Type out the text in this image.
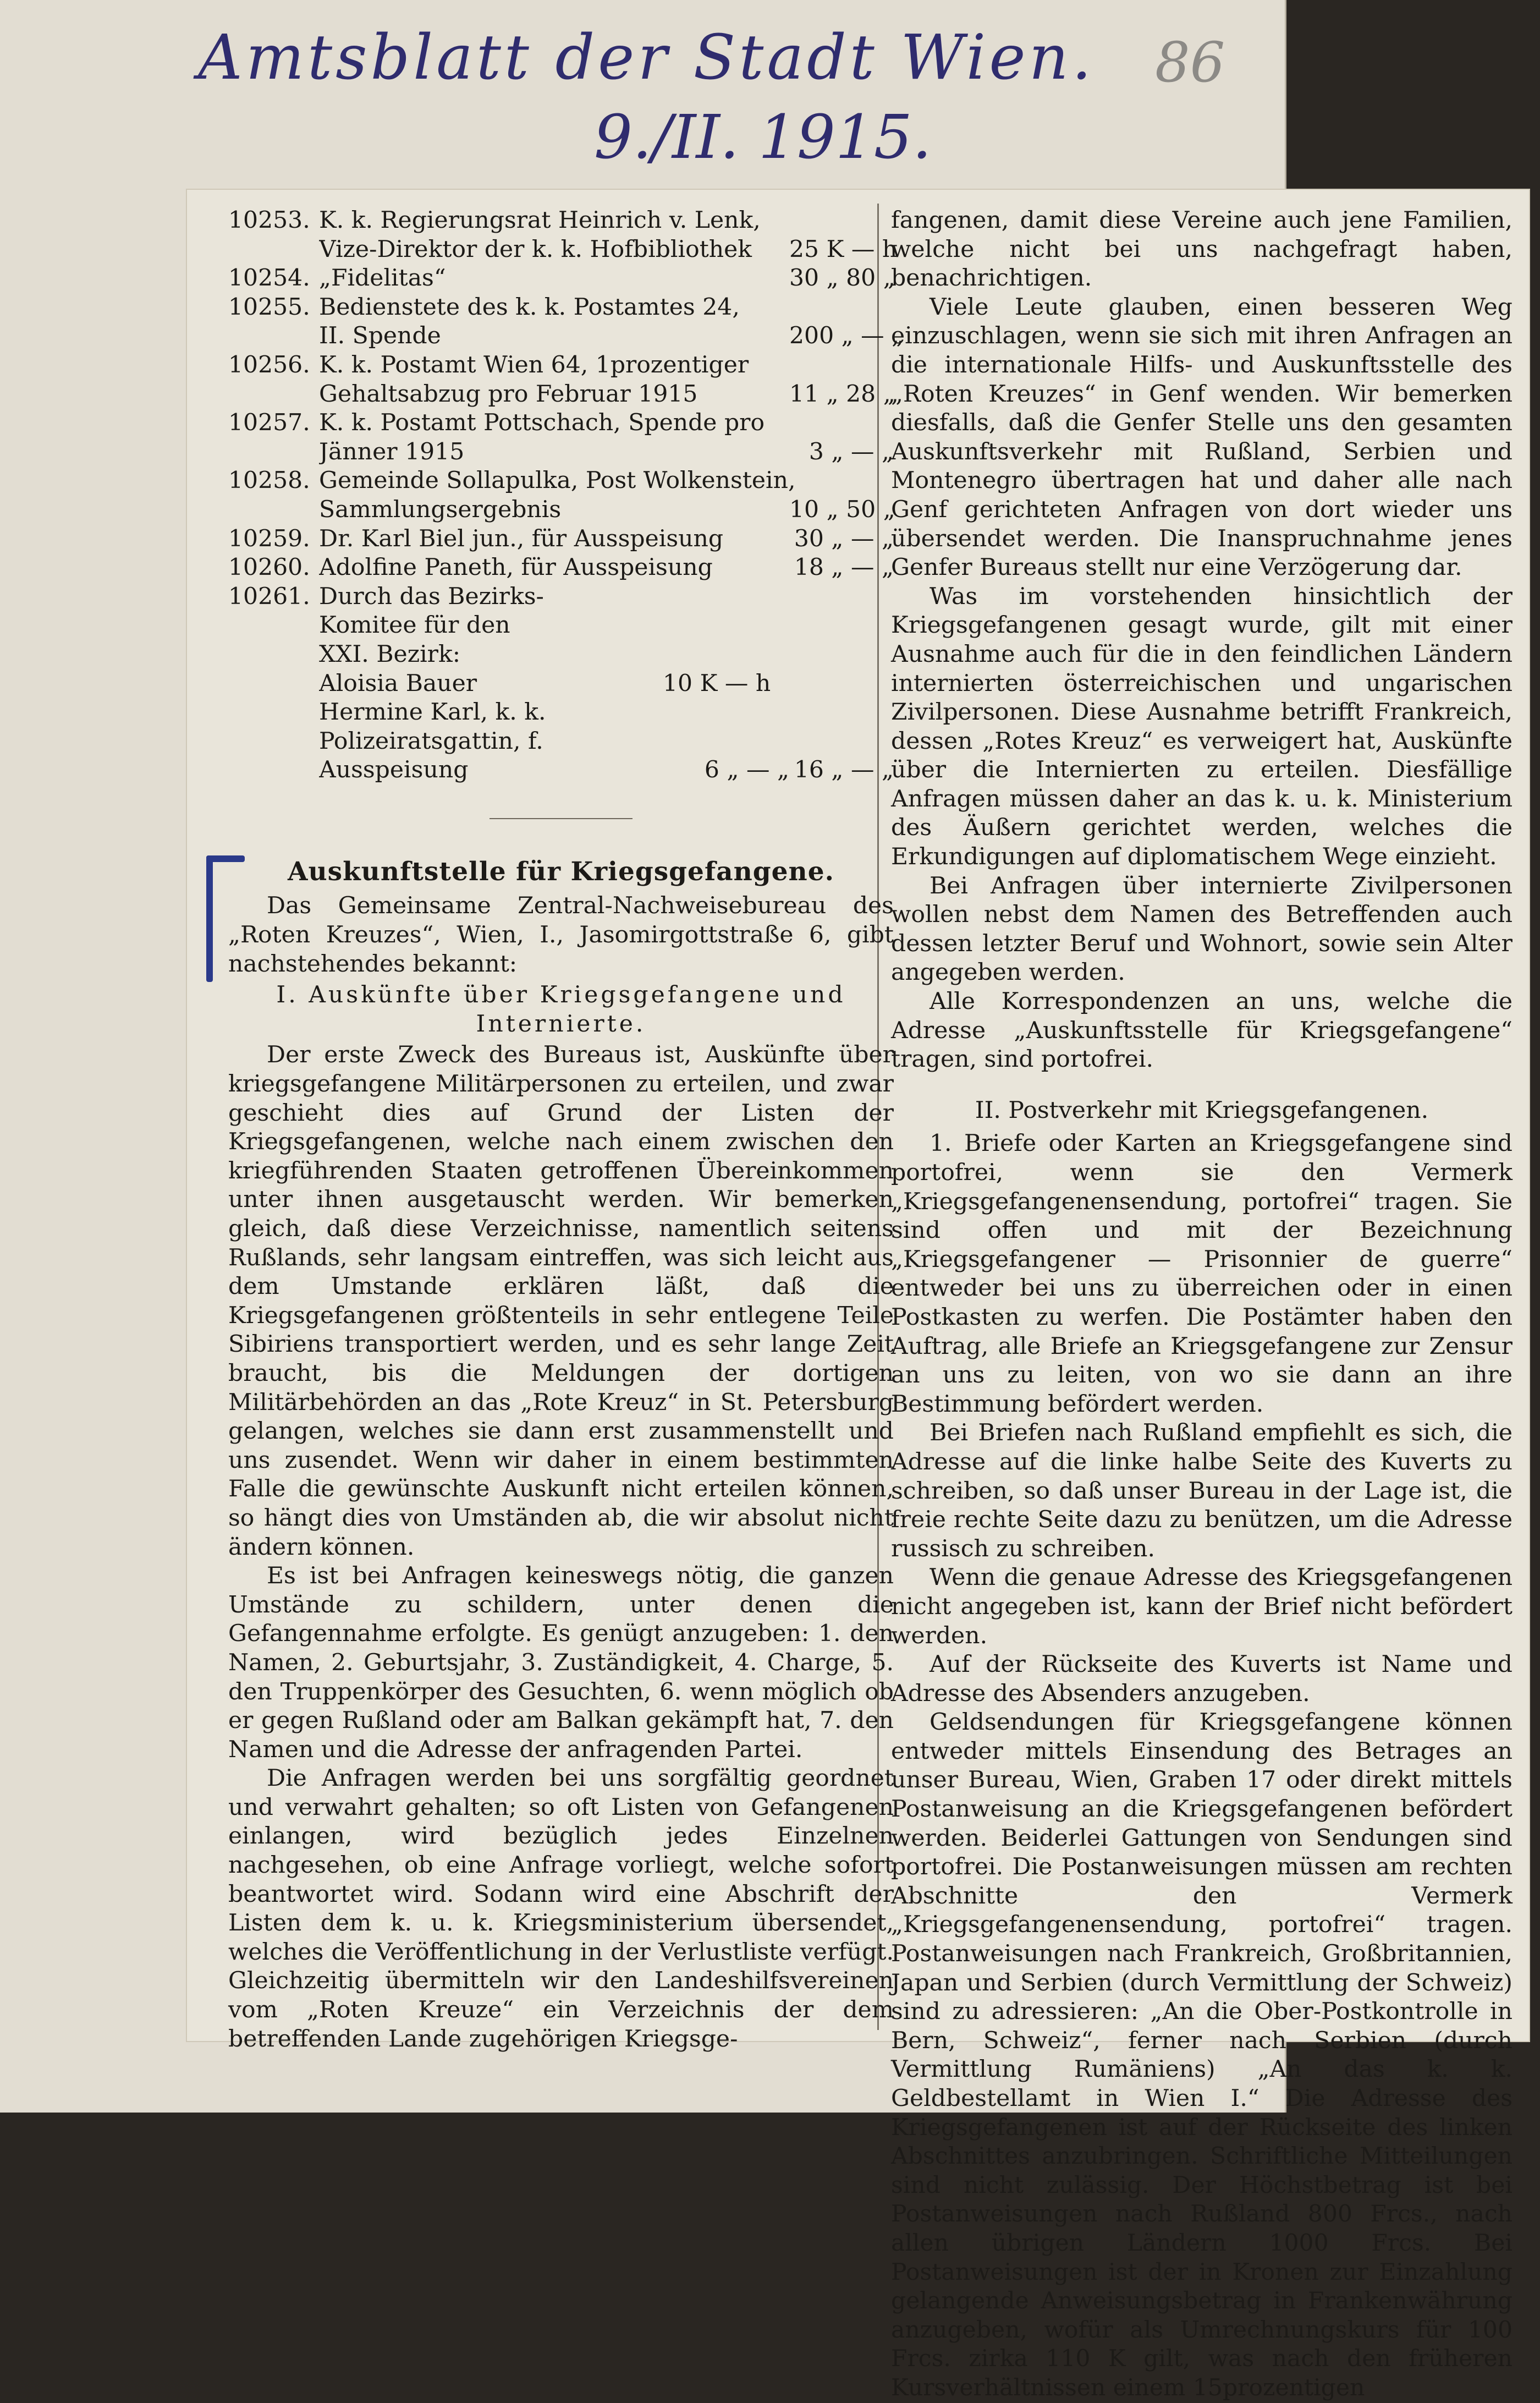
Amtsblatt der Stadt Wien.
9./II. 1915.
86
10253. K. k. Regierungsrat Heinrich v. Lenk,
Vize-Direktor der k. k. Hofbibliothek	25 K — h
10254. „Fidelitas“	30 „ 80 „
10255. Bedienstete des k. k. Postamtes 24,
II. Spende	200 „ — „
10256. K. k. Postamt Wien 64, 1prozentiger
Gehaltsabzug pro Februar 1915	11 „ 28 „
10257. K. k. Postamt Pottschach, Spende pro
Jänner 1915	3 „ — „
10258. Gemeinde Sollapulka, Post Wolkenstein,
Sammlungsergebnis	10 „ 50 „
10259. Dr. Karl Biel jun., für Ausspeisung	30 „ — „
10260. Adolfine Paneth, für Ausspeisung	18 „ — „
10261. Durch das Bezirks-
Komitee für den
XXI. Bezirk:
Aloisia Bauer	10 K — h
Hermine Karl, k. k.
Polizeiratsgattin, f.
Ausspeisung	6 „ — „ 16 „ — „
Auskunftstelle für Kriegsgefangene.
Das Gemeinsame Zentral-Nachweisebureau des „Roten Kreuzes“, Wien, I., Jasomirgottstraße 6, gibt nachstehendes bekannt:
I. Auskünfte über Kriegsgefangene und Internierte.
Der erste Zweck des Bureaus ist, Auskünfte über kriegsgefangene Militärpersonen zu erteilen, und zwar geschieht dies auf Grund der Listen der Kriegsgefangenen, welche nach einem zwischen den kriegführenden Staaten getroffenen Übereinkommen unter ihnen ausgetauscht werden. Wir bemerken gleich, daß diese Verzeichnisse, namentlich seitens Rußlands, sehr langsam eintreffen, was sich leicht aus dem Umstande erklären läßt, daß die Kriegsgefangenen größtenteils in sehr entlegene Teile Sibiriens transportiert werden, und es sehr lange Zeit braucht, bis die Meldungen der dortigen Militärbehörden an das „Rote Kreuz“ in St. Petersburg gelangen, welches sie dann erst zusammenstellt und uns zusendet. Wenn wir daher in einem bestimmten Falle die gewünschte Auskunft nicht erteilen können, so hängt dies von Umständen ab, die wir absolut nicht ändern können.
Es ist bei Anfragen keineswegs nötig, die ganzen Umstände zu schildern, unter denen die Gefangennahme erfolgte. Es genügt anzugeben: 1. den Namen, 2. Geburtsjahr, 3. Zuständigkeit, 4. Charge, 5. den Truppenkörper des Gesuchten, 6. wenn möglich ob er gegen Rußland oder am Balkan gekämpft hat, 7. den Namen und die Adresse der anfragenden Partei.
Die Anfragen werden bei uns sorgfältig geordnet und verwahrt gehalten; so oft Listen von Gefangenen einlangen, wird bezüglich jedes Einzelnen nachgesehen, ob eine Anfrage vorliegt, welche sofort beantwortet wird. Sodann wird eine Abschrift der Listen dem k. u. k. Kriegsministerium übersendet, welches die Veröffentlichung in der Verlustliste verfügt. Gleichzeitig übermitteln wir den Landeshilfsvereinen vom „Roten Kreuze“ ein Verzeichnis der dem betreffenden Lande zugehörigen Kriegsge-
fangenen, damit diese Vereine auch jene Familien, welche nicht bei uns nachgefragt haben, benachrichtigen.
Viele Leute glauben, einen besseren Weg einzuschlagen, wenn sie sich mit ihren Anfragen an die internationale Hilfs- und Auskunftsstelle des „Roten Kreuzes“ in Genf wenden. Wir bemerken diesfalls, daß die Genfer Stelle uns den gesamten Auskunftsverkehr mit Rußland, Serbien und Montenegro übertragen hat und daher alle nach Genf gerichteten Anfragen von dort wieder uns übersendet werden. Die Inanspruchnahme jenes Genfer Bureaus stellt nur eine Verzögerung dar.
Was im vorstehenden hinsichtlich der Kriegsgefangenen gesagt wurde, gilt mit einer Ausnahme auch für die in den feindlichen Ländern internierten österreichischen und ungarischen Zivilpersonen. Diese Ausnahme betrifft Frankreich, dessen „Rotes Kreuz“ es verweigert hat, Auskünfte über die Internierten zu erteilen. Diesfällige Anfragen müssen daher an das k. u. k. Ministerium des Äußern gerichtet werden, welches die Erkundigungen auf diplomatischem Wege einzieht.
Bei Anfragen über internierte Zivilpersonen wollen nebst dem Namen des Betreffenden auch dessen letzter Beruf und Wohnort, sowie sein Alter angegeben werden.
Alle Korrespondenzen an uns, welche die Adresse „Auskunftsstelle für Kriegsgefangene“ tragen, sind portofrei.
II. Postverkehr mit Kriegsgefangenen.
1. Briefe oder Karten an Kriegsgefangene sind portofrei, wenn sie den Vermerk „Kriegsgefangenensendung, portofrei“ tragen. Sie sind offen und mit der Bezeichnung „Kriegsgefangener — Prisonnier de guerre“ entweder bei uns zu überreichen oder in einen Postkasten zu werfen. Die Postämter haben den Auftrag, alle Briefe an Kriegsgefangene zur Zensur an uns zu leiten, von wo sie dann an ihre Bestimmung befördert werden.
Bei Briefen nach Rußland empfiehlt es sich, die Adresse auf die linke halbe Seite des Kuverts zu schreiben, so daß unser Bureau in der Lage ist, die freie rechte Seite dazu zu benützen, um die Adresse russisch zu schreiben.
Wenn die genaue Adresse des Kriegsgefangenen nicht angegeben ist, kann der Brief nicht befördert werden.
Auf der Rückseite des Kuverts ist Name und Adresse des Absenders anzugeben.
Geldsendungen für Kriegsgefangene können entweder mittels Einsendung des Betrages an unser Bureau, Wien, Graben 17 oder direkt mittels Postanweisung an die Kriegsgefangenen befördert werden. Beiderlei Gattungen von Sendungen sind portofrei. Die Postanweisungen müssen am rechten Abschnitte den Vermerk „Kriegsgefangenensendung, portofrei“ tragen. Postanweisungen nach Frankreich, Großbritannien, Japan und Serbien (durch Vermittlung der Schweiz) sind zu adressieren: „An die Ober-Postkontrolle in Bern, Schweiz“, ferner nach Serbien (durch Vermittlung Rumäniens) „An das k. k. Geldbestellamt in Wien I.“ Die Adresse des Kriegsgefangenen ist auf der Rückseite des linken Abschnittes anzubringen. Schriftliche Mitteilungen sind nicht zulässig. Der Höchstbetrag ist bei Postanweisungen nach Rußland 800 Frcs., nach allen übrigen Ländern 1000 Frcs. Bei Postanweisungen ist der in Kronen zur Einzahlung gelangende Anweisungsbetrag in Frankenwährung anzugeben, wofür als Umrechnungskurs für 100 Frcs. zirka 110 K gilt, was nach den früheren Kursverhältnissen einem 15prozentigen
